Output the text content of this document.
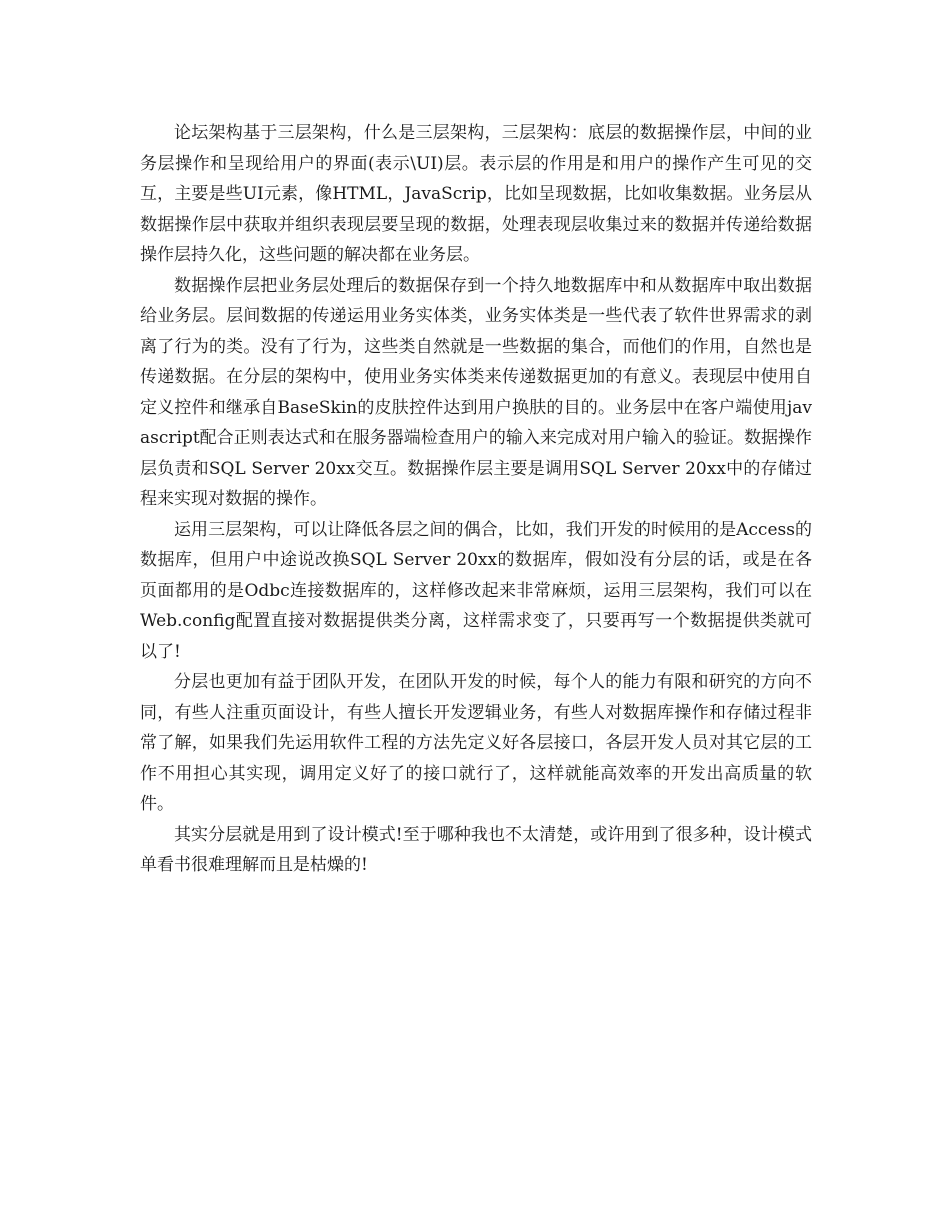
论坛架构基于三层架构，什么是三层架构，三层架构：底层的数据操作层，中间的业务层操作和呈现给用户的界面(表示\UI)层。表示层的作用是和用户的操作产生可见的交互，主要是些UI元素，像HTML，JavaScrip，比如呈现数据，比如收集数据。业务层从数据操作层中获取并组织表现层要呈现的数据，处理表现层收集过来的数据并传递给数据操作层持久化，这些问题的解决都在业务层。

数据操作层把业务层处理后的数据保存到一个持久地数据库中和从数据库中取出数据给业务层。层间数据的传递运用业务实体类，业务实体类是一些代表了软件世界需求的剥离了行为的类。没有了行为，这些类自然就是一些数据的集合，而他们的作用，自然也是传递数据。在分层的架构中，使用业务实体类来传递数据更加的有意义。表现层中使用自定义控件和继承自BaseSkin的皮肤控件达到用户换肤的目的。业务层中在客户端使用javascript配合正则表达式和在服务器端检查用户的输入来完成对用户输入的验证。数据操作层负责和SQL Server 20xx交互。数据操作层主要是调用SQL Server 20xx中的存储过程来实现对数据的操作。

运用三层架构，可以让降低各层之间的偶合，比如，我们开发的时候用的是Access的数据库，但用户中途说改换SQL Server 20xx的数据库，假如没有分层的话，或是在各页面都用的是Odbc连接数据库的，这样修改起来非常麻烦，运用三层架构，我们可以在Web.config配置直接对数据提供类分离，这样需求变了，只要再写一个数据提供类就可以了!

分层也更加有益于团队开发，在团队开发的时候，每个人的能力有限和研究的方向不同，有些人注重页面设计，有些人擅长开发逻辑业务，有些人对数据库操作和存储过程非常了解，如果我们先运用软件工程的方法先定义好各层接口，各层开发人员对其它层的工作不用担心其实现，调用定义好了的接口就行了，这样就能高效率的开发出高质量的软件。

其实分层就是用到了设计模式!至于哪种我也不太清楚，或许用到了很多种，设计模式单看书很难理解而且是枯燥的!
